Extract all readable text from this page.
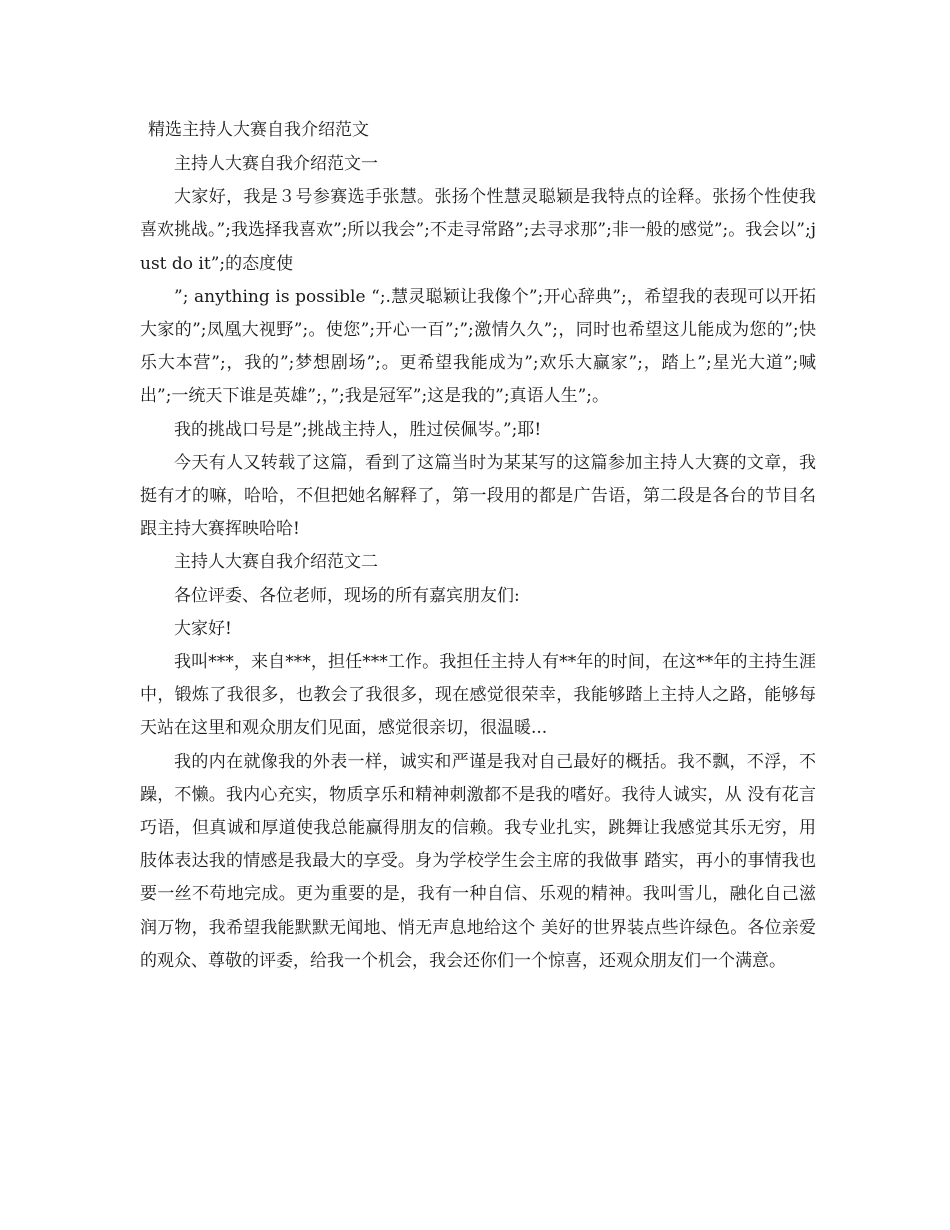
精选主持人大赛自我介绍范文

主持人大赛自我介绍范文一

大家好，我是３号参赛选手张慧。张扬个性慧灵聪颖是我特点的诠释。张扬个性使我喜欢挑战。”;我选择我喜欢”;所以我会”;不走寻常路”;去寻求那”;非一般的感觉”;。我会以”;just do it”;的态度使

”; anything is possible “;.慧灵聪颖让我像个”;开心辞典”;，希望我的表现可以开拓大家的”;凤凰大视野”;。使您”;开心一百”;”;激情久久”;，同时也希望这儿能成为您的”;快乐大本营”;，我的”;梦想剧场”;。更希望我能成为”;欢乐大赢家”;，踏上”;星光大道”;喊出”;一统天下谁是英雄”;，”;我是冠军”;这是我的”;真语人生”;。

我的挑战口号是”;挑战主持人，胜过侯佩岑。”;耶!

今天有人又转载了这篇，看到了这篇当时为某某写的这篇参加主持人大赛的文章，我挺有才的嘛，哈哈，不但把她名解释了，第一段用的都是广告语，第二段是各台的节目名跟主持大赛挥映哈哈!

主持人大赛自我介绍范文二

各位评委、各位老师，现场的所有嘉宾朋友们:

大家好!

我叫***，来自***，担任***工作。我担任主持人有**年的时间，在这**年的主持生涯中，锻炼了我很多，也教会了我很多，现在感觉很荣幸，我能够踏上主持人之路，能够每天站在这里和观众朋友们见面，感觉很亲切，很温暖...

我的内在就像我的外表一样，诚实和严谨是我对自己最好的概括。我不飘，不浮，不躁，不懒。我内心充实，物质享乐和精神刺激都不是我的嗜好。我待人诚实，从 没有花言巧语，但真诚和厚道使我总能赢得朋友的信赖。我专业扎实，跳舞让我感觉其乐无穷，用肢体表达我的情感是我最大的享受。身为学校学生会主席的我做事 踏实，再小的事情我也要一丝不苟地完成。更为重要的是，我有一种自信、乐观的精神。我叫雪儿，融化自己滋润万物，我希望我能默默无闻地、悄无声息地给这个 美好的世界装点些许绿色。各位亲爱的观众、尊敬的评委，给我一个机会，我会还你们一个惊喜，还观众朋友们一个满意。
